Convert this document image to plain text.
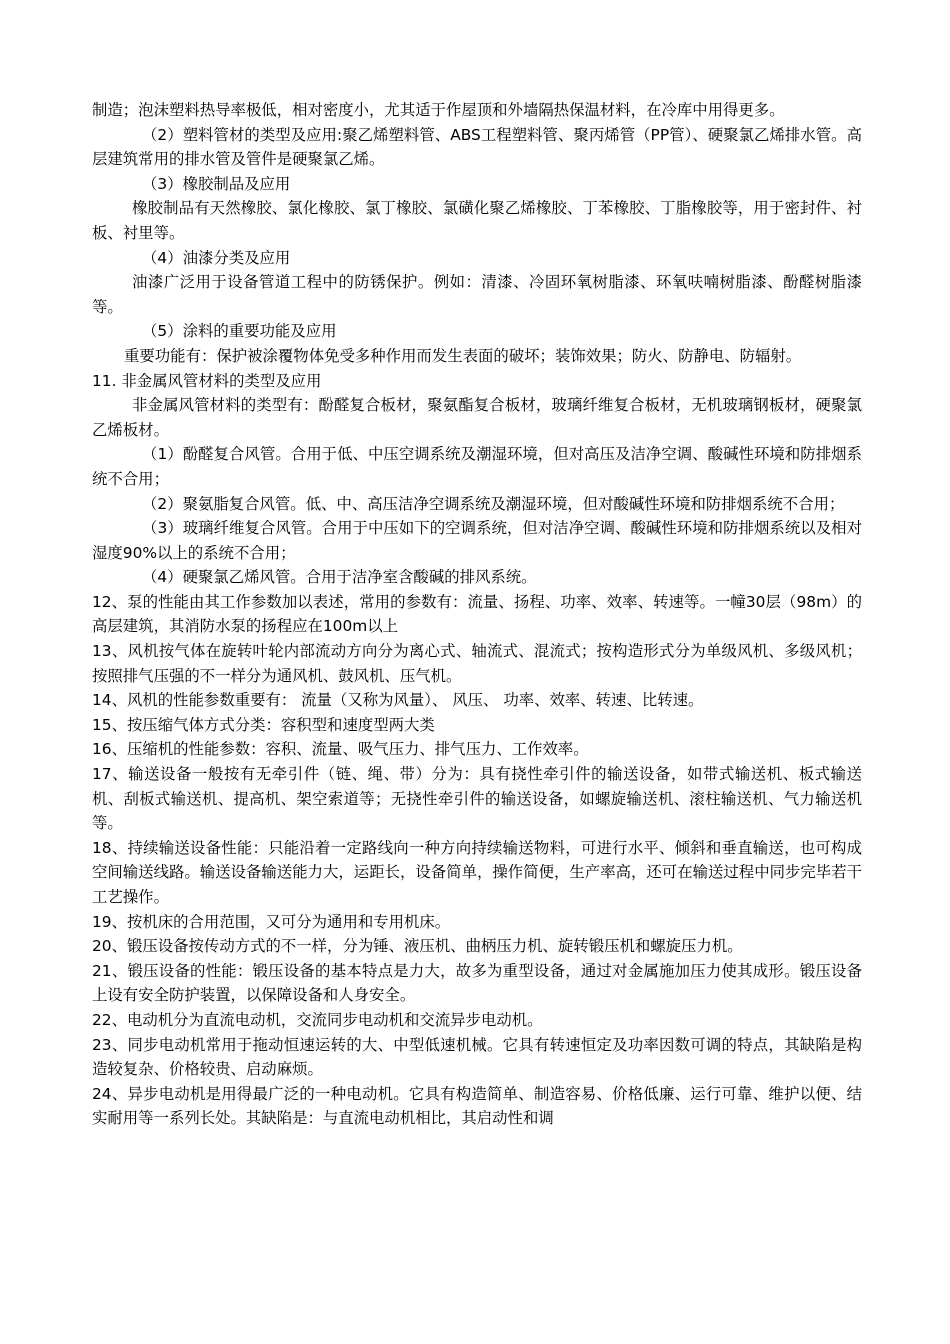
制造；泡沫塑料热导率极低，相对密度小，尤其适于作屋顶和外墙隔热保温材料，在冷库中用得更多。

（2）塑料管材的类型及应用:聚乙烯塑料管、ABS工程塑料管、聚丙烯管（PP管）、硬聚氯乙烯排水管。高层建筑常用的排水管及管件是硬聚氯乙烯。

（3）橡胶制品及应用

橡胶制品有天然橡胶、氯化橡胶、氯丁橡胶、氯磺化聚乙烯橡胶、丁苯橡胶、丁脂橡胶等，用于密封件、衬板、衬里等。

（4）油漆分类及应用

油漆广泛用于设备管道工程中的防锈保护。例如：清漆、冷固环氧树脂漆、环氧呋喃树脂漆、酚醛树脂漆等。

（5）涂料的重要功能及应用

重要功能有：保护被涂覆物体免受多种作用而发生表面的破坏；装饰效果；防火、防静电、防辐射。

11. 非金属风管材料的类型及应用

非金属风管材料的类型有：酚醛复合板材，聚氨酯复合板材，玻璃纤维复合板材，无机玻璃钢板材，硬聚氯乙烯板材。

（1）酚醛复合风管。合用于低、中压空调系统及潮湿环境，但对高压及洁净空调、酸碱性环境和防排烟系统不合用；

（2）聚氨脂复合风管。低、中、高压洁净空调系统及潮湿环境，但对酸碱性环境和防排烟系统不合用；

（3）玻璃纤维复合风管。合用于中压如下的空调系统，但对洁净空调、酸碱性环境和防排烟系统以及相对湿度90%以上的系统不合用；

（4）硬聚氯乙烯风管。合用于洁净室含酸碱的排风系统。

12、泵的性能由其工作参数加以表述，常用的参数有：流量、扬程、功率、效率、转速等。一幢30层（98m）的高层建筑，其消防水泵的扬程应在100m以上

13、风机按气体在旋转叶轮内部流动方向分为离心式、轴流式、混流式；按构造形式分为单级风机、多级风机；按照排气压强的不一样分为通风机、鼓风机、压气机。

14、风机的性能参数重要有： 流量（又称为风量）、 风压、 功率、效率、转速、比转速。

15、按压缩气体方式分类：容积型和速度型两大类

16、压缩机的性能参数：容积、流量、吸气压力、排气压力、工作效率。

17、输送设备一般按有无牵引件（链、绳、带）分为：具有挠性牵引件的输送设备，如带式输送机、板式输送机、刮板式输送机、提高机、架空索道等；无挠性牵引件的输送设备，如螺旋输送机、滚柱输送机、气力输送机等。

18、持续输送设备性能：只能沿着一定路线向一种方向持续输送物料，可进行水平、倾斜和垂直输送，也可构成空间输送线路。输送设备输送能力大，运距长，设备简单，操作简便，生产率高，还可在输送过程中同步完毕若干工艺操作。

19、按机床的合用范围，又可分为通用和专用机床。

20、锻压设备按传动方式的不一样，分为锤、液压机、曲柄压力机、旋转锻压机和螺旋压力机。

21、锻压设备的性能：锻压设备的基本特点是力大，故多为重型设备，通过对金属施加压力使其成形。锻压设备上设有安全防护装置，以保障设备和人身安全。

22、电动机分为直流电动机，交流同步电动机和交流异步电动机。

23、同步电动机常用于拖动恒速运转的大、中型低速机械。它具有转速恒定及功率因数可调的特点，其缺陷是构造较复杂、价格较贵、启动麻烦。

24、异步电动机是用得最广泛的一种电动机。它具有构造简单、制造容易、价格低廉、运行可靠、维护以便、结实耐用等一系列长处。其缺陷是：与直流电动机相比，其启动性和调
